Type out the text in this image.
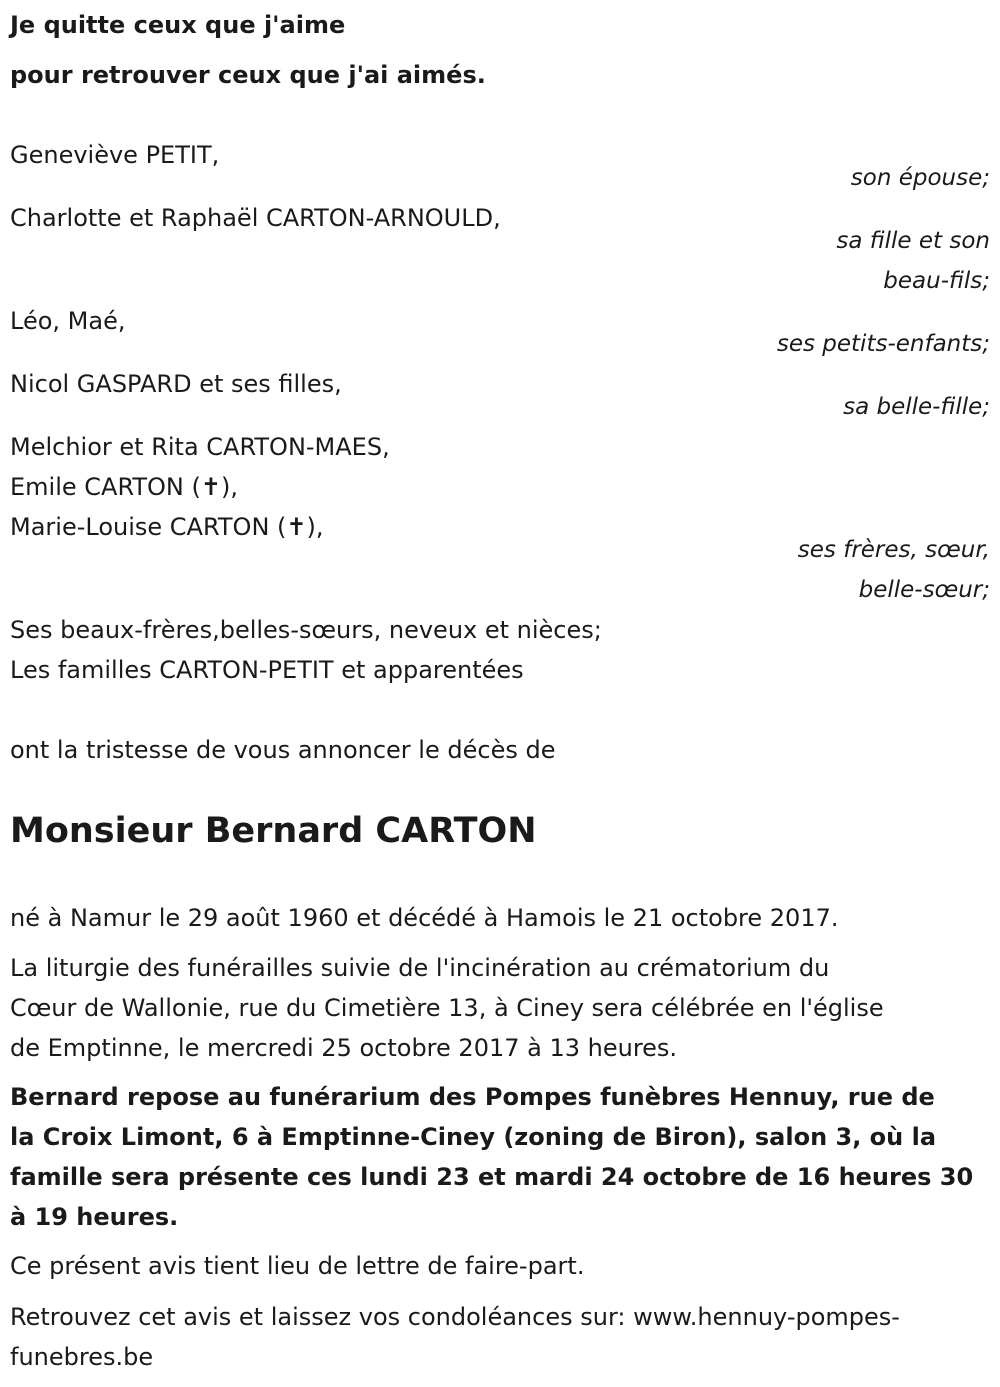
Je quitte ceux que j'aime

pour retrouver ceux que j'ai aimés.

Geneviève PETIT,

son épouse;

Charlotte et Raphaël CARTON-ARNOULD,

sa fille et son
beau-fils;

Léo, Maé,

ses petits-enfants;

Nicol GASPARD et ses filles,

sa belle-fille;

Melchior et Rita CARTON-MAES,

Emile CARTON (✝),

Marie-Louise CARTON (✝),

ses frères, sœur,
belle-sœur;

Ses beaux-frères,belles-sœurs, neveux et nièces;

Les familles CARTON-PETIT et apparentées

ont la tristesse de vous annoncer le décès de

Monsieur Bernard CARTON

né à Namur le 29 août 1960 et décédé à Hamois le 21 octobre 2017.

La liturgie des funérailles suivie de l'incinération au crématorium du
Cœur de Wallonie, rue du Cimetière 13, à Ciney sera célébrée en l'église
de Emptinne, le mercredi 25 octobre 2017 à 13 heures.

Bernard repose au funérarium des Pompes funèbres Hennuy, rue de
la Croix Limont, 6 à Emptinne-Ciney (zoning de Biron), salon 3, où la
famille sera présente ces lundi 23 et mardi 24 octobre de 16 heures 30
à 19 heures.

Ce présent avis tient lieu de lettre de faire-part.

Retrouvez cet avis et laissez vos condoléances sur: www.hennuy-pompes-
funebres.be
